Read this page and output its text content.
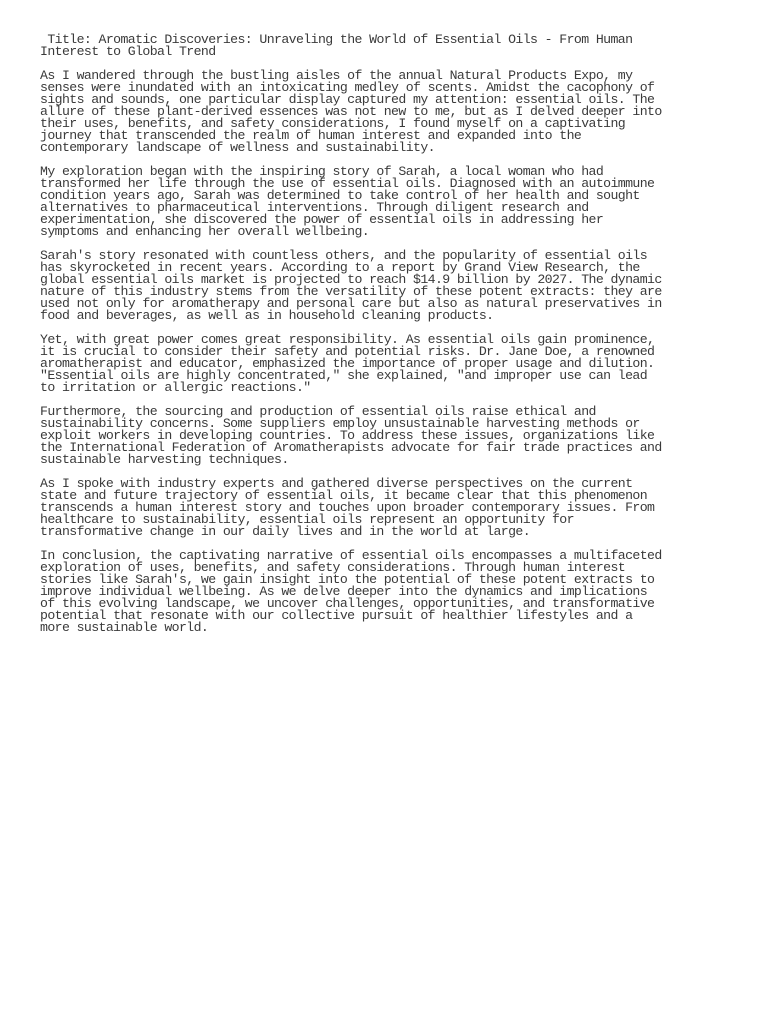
Title: Aromatic Discoveries: Unraveling the World of Essential Oils - From Human
Interest to Global Trend
As I wandered through the bustling aisles of the annual Natural Products Expo, my
senses were inundated with an intoxicating medley of scents. Amidst the cacophony of
sights and sounds, one particular display captured my attention: essential oils. The
allure of these plant-derived essences was not new to me, but as I delved deeper into
their uses, benefits, and safety considerations, I found myself on a captivating
journey that transcended the realm of human interest and expanded into the
contemporary landscape of wellness and sustainability.
My exploration began with the inspiring story of Sarah, a local woman who had
transformed her life through the use of essential oils. Diagnosed with an autoimmune
condition years ago, Sarah was determined to take control of her health and sought
alternatives to pharmaceutical interventions. Through diligent research and
experimentation, she discovered the power of essential oils in addressing her
symptoms and enhancing her overall wellbeing.
Sarah's story resonated with countless others, and the popularity of essential oils
has skyrocketed in recent years. According to a report by Grand View Research, the
global essential oils market is projected to reach $14.9 billion by 2027. The dynamic
nature of this industry stems from the versatility of these potent extracts: they are
used not only for aromatherapy and personal care but also as natural preservatives in
food and beverages, as well as in household cleaning products.
Yet, with great power comes great responsibility. As essential oils gain prominence,
it is crucial to consider their safety and potential risks. Dr. Jane Doe, a renowned
aromatherapist and educator, emphasized the importance of proper usage and dilution.
"Essential oils are highly concentrated," she explained, "and improper use can lead
to irritation or allergic reactions."
Furthermore, the sourcing and production of essential oils raise ethical and
sustainability concerns. Some suppliers employ unsustainable harvesting methods or
exploit workers in developing countries. To address these issues, organizations like
the International Federation of Aromatherapists advocate for fair trade practices and
sustainable harvesting techniques.
As I spoke with industry experts and gathered diverse perspectives on the current
state and future trajectory of essential oils, it became clear that this phenomenon
transcends a human interest story and touches upon broader contemporary issues. From
healthcare to sustainability, essential oils represent an opportunity for
transformative change in our daily lives and in the world at large.
In conclusion, the captivating narrative of essential oils encompasses a multifaceted
exploration of uses, benefits, and safety considerations. Through human interest
stories like Sarah's, we gain insight into the potential of these potent extracts to
improve individual wellbeing. As we delve deeper into the dynamics and implications
of this evolving landscape, we uncover challenges, opportunities, and transformative
potential that resonate with our collective pursuit of healthier lifestyles and a
more sustainable world.
